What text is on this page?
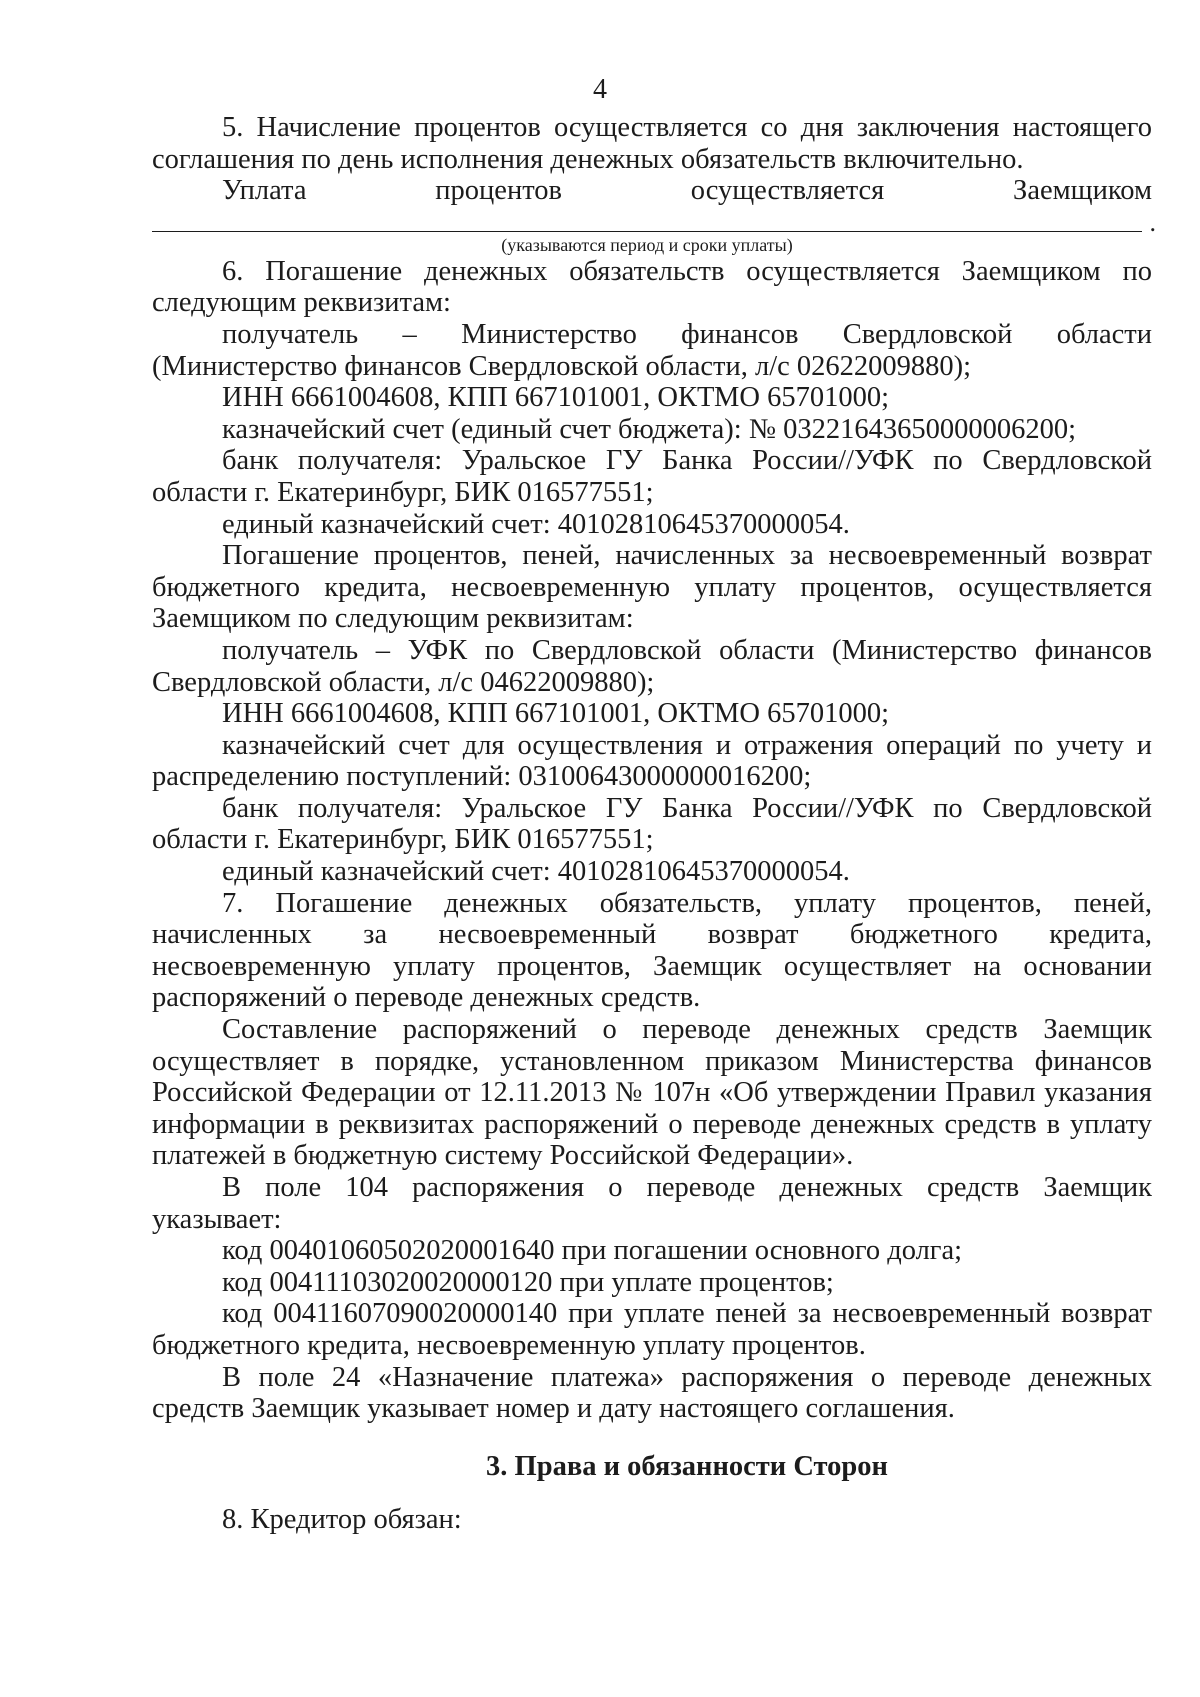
4

5. Начисление процентов осуществляется со дня заключения настоящего соглашения по день исполнения денежных обязательств включительно.

Уплата процентов осуществляется Заемщиком

.

(указываются период и сроки уплаты)

6. Погашение денежных обязательств осуществляется Заемщиком по следующим реквизитам:

получатель – Министерство финансов Свердловской области (Министерство финансов Свердловской области, л/с 02622009880);

ИНН 6661004608, КПП 667101001, ОКТМО 65701000;

казначейский счет (единый счет бюджета): № 03221643650000006200;

банк получателя: Уральское ГУ Банка России//УФК по Свердловской области г. Екатеринбург, БИК 016577551;

единый казначейский счет: 40102810645370000054.

Погашение процентов, пеней, начисленных за несвоевременный возврат бюджетного кредита, несвоевременную уплату процентов, осуществляется Заемщиком по следующим реквизитам:

получатель – УФК по Свердловской области (Министерство финансов Свердловской области, л/с 04622009880);

ИНН 6661004608, КПП 667101001, ОКТМО 65701000;

казначейский счет для осуществления и отражения операций по учету и распределению поступлений: 03100643000000016200;

банк получателя: Уральское ГУ Банка России//УФК по Свердловской области г. Екатеринбург, БИК 016577551;

единый казначейский счет: 40102810645370000054.

7. Погашение денежных обязательств, уплату процентов, пеней, начисленных за несвоевременный возврат бюджетного кредита, несвоевременную уплату процентов, Заемщик осуществляет на основании распоряжений о переводе денежных средств.

Составление распоряжений о переводе денежных средств Заемщик осуществляет в порядке, установленном приказом Министерства финансов Российской Федерации от 12.11.2013 № 107н «Об утверждении Правил указания информации в реквизитах распоряжений о переводе денежных средств в уплату платежей в бюджетную систему Российской Федерации».

В поле 104 распоряжения о переводе денежных средств Заемщик указывает:

код 00401060502020001640 при погашении основного долга;

код 00411103020020000120 при уплате процентов;

код 00411607090020000140 при уплате пеней за несвоевременный возврат бюджетного кредита, несвоевременную уплату процентов.

В поле 24 «Назначение платежа» распоряжения о переводе денежных средств Заемщик указывает номер и дату настоящего соглашения.

3. Права и обязанности Сторон

8. Кредитор обязан:
